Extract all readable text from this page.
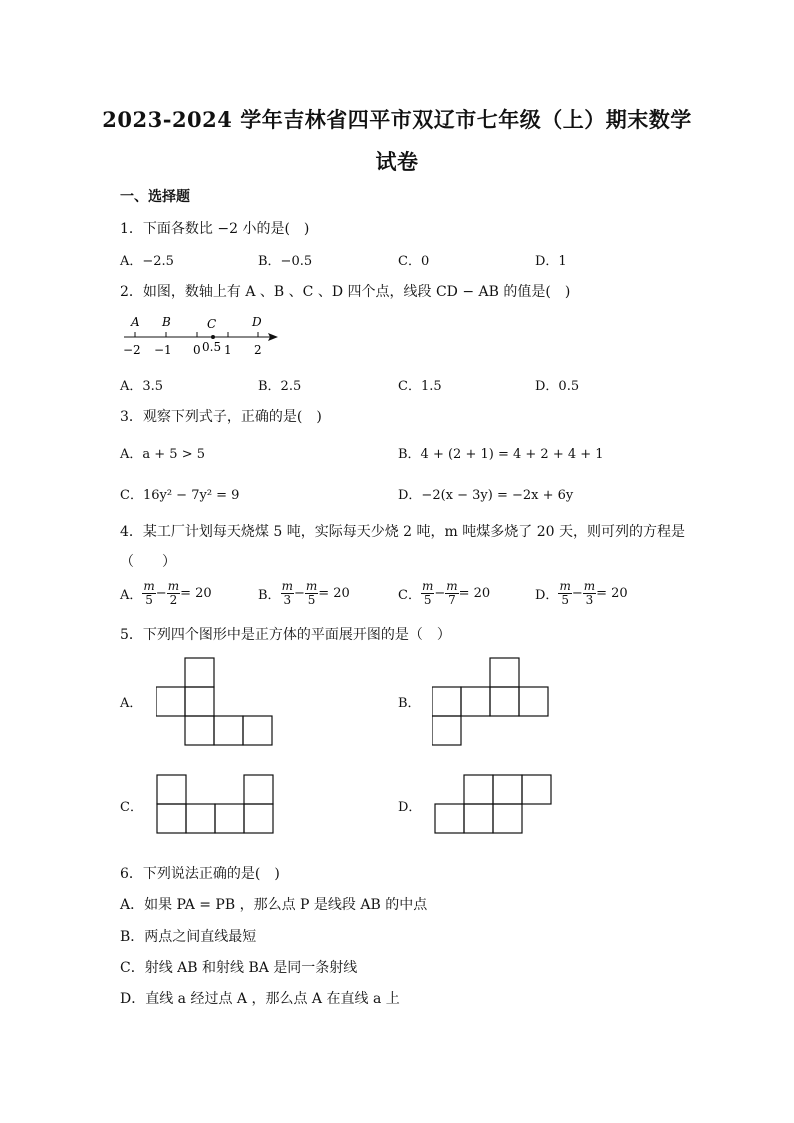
2023-2024 学年吉林省四平市双辽市七年级（上）期末数学
试卷
一、选择题
1．下面各数比 −2 小的是(　)
A．−2.5	B．−0.5	C．0	D．1
2．如图，数轴上有 A 、B 、C 、D 四个点，线段 CD − AB 的值是(　)
A B	C	D
−2 −1 0 0.5 1 2
A．3.5	B．2.5	C．1.5	D．0.5
3．观察下列式子，正确的是(　)
A．a + 5 > 5	B．4 + (2 + 1) = 4 + 2 + 4 + 1
C．16y² − 7y² = 9	D．−2(x − 3y) = −2x + 6y
4．某工厂计划每天烧煤 5 吨，实际每天少烧 2 吨，m 吨煤多烧了 20 天，则可列的方程是
（　　）
A． $\frac{m}{5} - \frac{m}{2} = 20$	B． $\frac{m}{3} - \frac{m}{5} = 20$	C． $\frac{m}{5} - \frac{m}{7} = 20$	D． $\frac{m}{5} - \frac{m}{3} = 20$
5．下列四个图形中是正方体的平面展开图的是（　）
A．	B．
C．	D．
6．下列说法正确的是(　)
A．如果 PA = PB ，那么点 P 是线段 AB 的中点
B．两点之间直线最短
C．射线 AB 和射线 BA 是同一条射线
D．直线 a 经过点 A ，那么点 A 在直线 a 上
